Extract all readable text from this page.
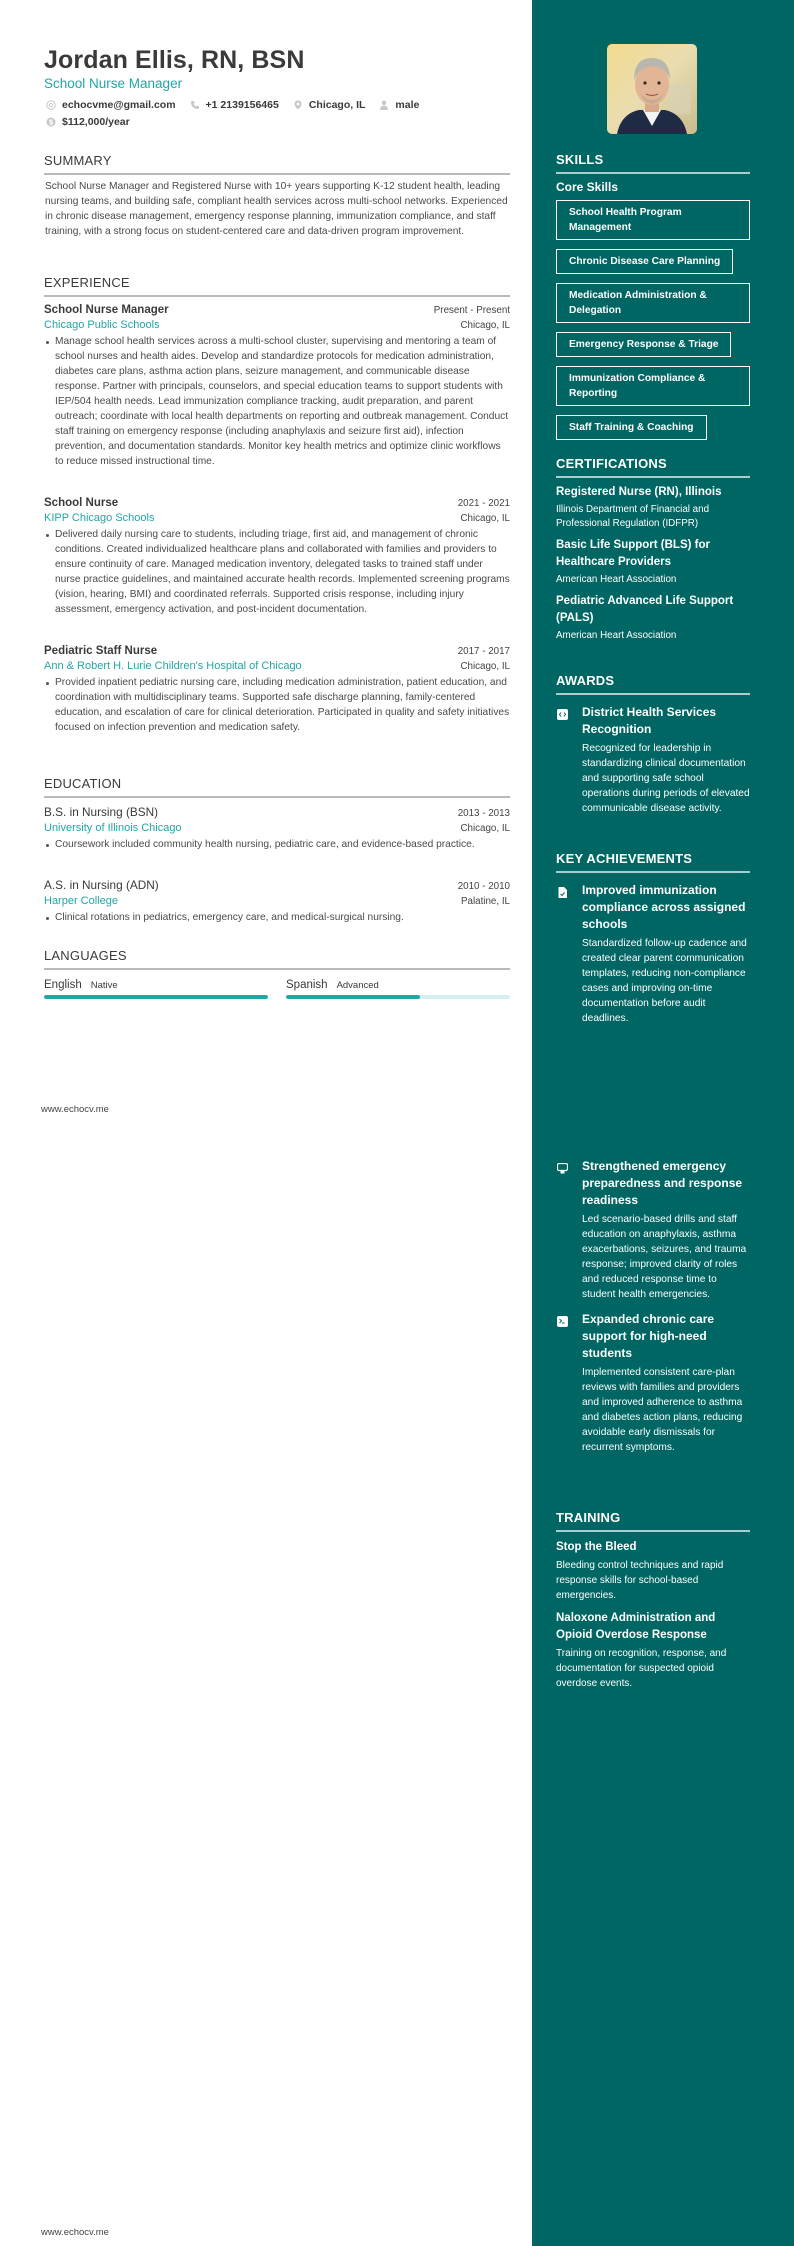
Jordan Ellis, RN, BSN
School Nurse Manager
echocvme@gmail.com	+1 2139156465	Chicago, IL	male
$ $112,000/year
SUMMARY

School Nurse Manager and Registered Nurse with 10+ years supporting K-12 student health, leading nursing teams, and building safe, compliant health services across multi-school networks. Experienced in chronic disease management, emergency response planning, immunization compliance, and staff training, with a strong focus on student-centered care and data-driven program improvement.

EXPERIENCE
School Nurse Manager	Present - Present
Chicago Public Schools	Chicago, IL
Manage school health services across a multi-school cluster, supervising and mentoring a team of school nurses and health aides. Develop and standardize protocols for medication administration, diabetes care plans, asthma action plans, seizure management, and communicable disease response. Partner with principals, counselors, and special education teams to support students with IEP/504 health needs. Lead immunization compliance tracking, audit preparation, and parent outreach; coordinate with local health departments on reporting and outbreak management. Conduct staff training on emergency response (including anaphylaxis and seizure first aid), infection prevention, and documentation standards. Monitor key health metrics and optimize clinic workflows to reduce missed instructional time.
School Nurse	2021 - 2021
KIPP Chicago Schools	Chicago, IL
Delivered daily nursing care to students, including triage, first aid, and management of chronic conditions. Created individualized healthcare plans and collaborated with families and providers to ensure continuity of care. Managed medication inventory, delegated tasks to trained staff under nurse practice guidelines, and maintained accurate health records. Implemented screening programs (vision, hearing, BMI) and coordinated referrals. Supported crisis response, including injury assessment, emergency activation, and post-incident documentation.
Pediatric Staff Nurse	2017 - 2017
Ann & Robert H. Lurie Children's Hospital of Chicago	Chicago, IL
Provided inpatient pediatric nursing care, including medication administration, patient education, and coordination with multidisciplinary teams. Supported safe discharge planning, family-centered education, and escalation of care for clinical deterioration. Participated in quality and safety initiatives focused on infection prevention and medication safety.
EDUCATION
B.S. in Nursing (BSN)	2013 - 2013
University of Illinois Chicago	Chicago, IL
Coursework included community health nursing, pediatric care, and evidence-based practice.
A.S. in Nursing (ADN)	2010 - 2010
Harper College	Palatine, IL
Clinical rotations in pediatrics, emergency care, and medical-surgical nursing.
LANGUAGES
English Native	Spanish Advanced
www.echocv.me
www.echocv.me
SKILLS
Core Skills
School Health Program Management
Chronic Disease Care Planning
Medication Administration & Delegation
Emergency Response & Triage
Immunization Compliance & Reporting
Staff Training & Coaching
CERTIFICATIONS
Registered Nurse (RN), Illinois
Illinois Department of Financial and Professional Regulation (IDFPR)
Basic Life Support (BLS) for Healthcare Providers
American Heart Association
Pediatric Advanced Life Support (PALS)
American Heart Association
AWARDS
District Health Services Recognition
Recognized for leadership in standardizing clinical documentation and supporting safe school operations during periods of elevated communicable disease activity.
KEY ACHIEVEMENTS
Improved immunization compliance across assigned schools
Standardized follow-up cadence and created clear parent communication templates, reducing non-compliance cases and improving on-time documentation before audit deadlines.
Strengthened emergency preparedness and response readiness
Led scenario-based drills and staff education on anaphylaxis, asthma exacerbations, seizures, and trauma response; improved clarity of roles and reduced response time to student health emergencies.
Expanded chronic care support for high-need students
Implemented consistent care-plan reviews with families and providers and improved adherence to asthma and diabetes action plans, reducing avoidable early dismissals for recurrent symptoms.
TRAINING
Stop the Bleed
Bleeding control techniques and rapid response skills for school-based emergencies.
Naloxone Administration and Opioid Overdose Response
Training on recognition, response, and documentation for suspected opioid overdose events.
